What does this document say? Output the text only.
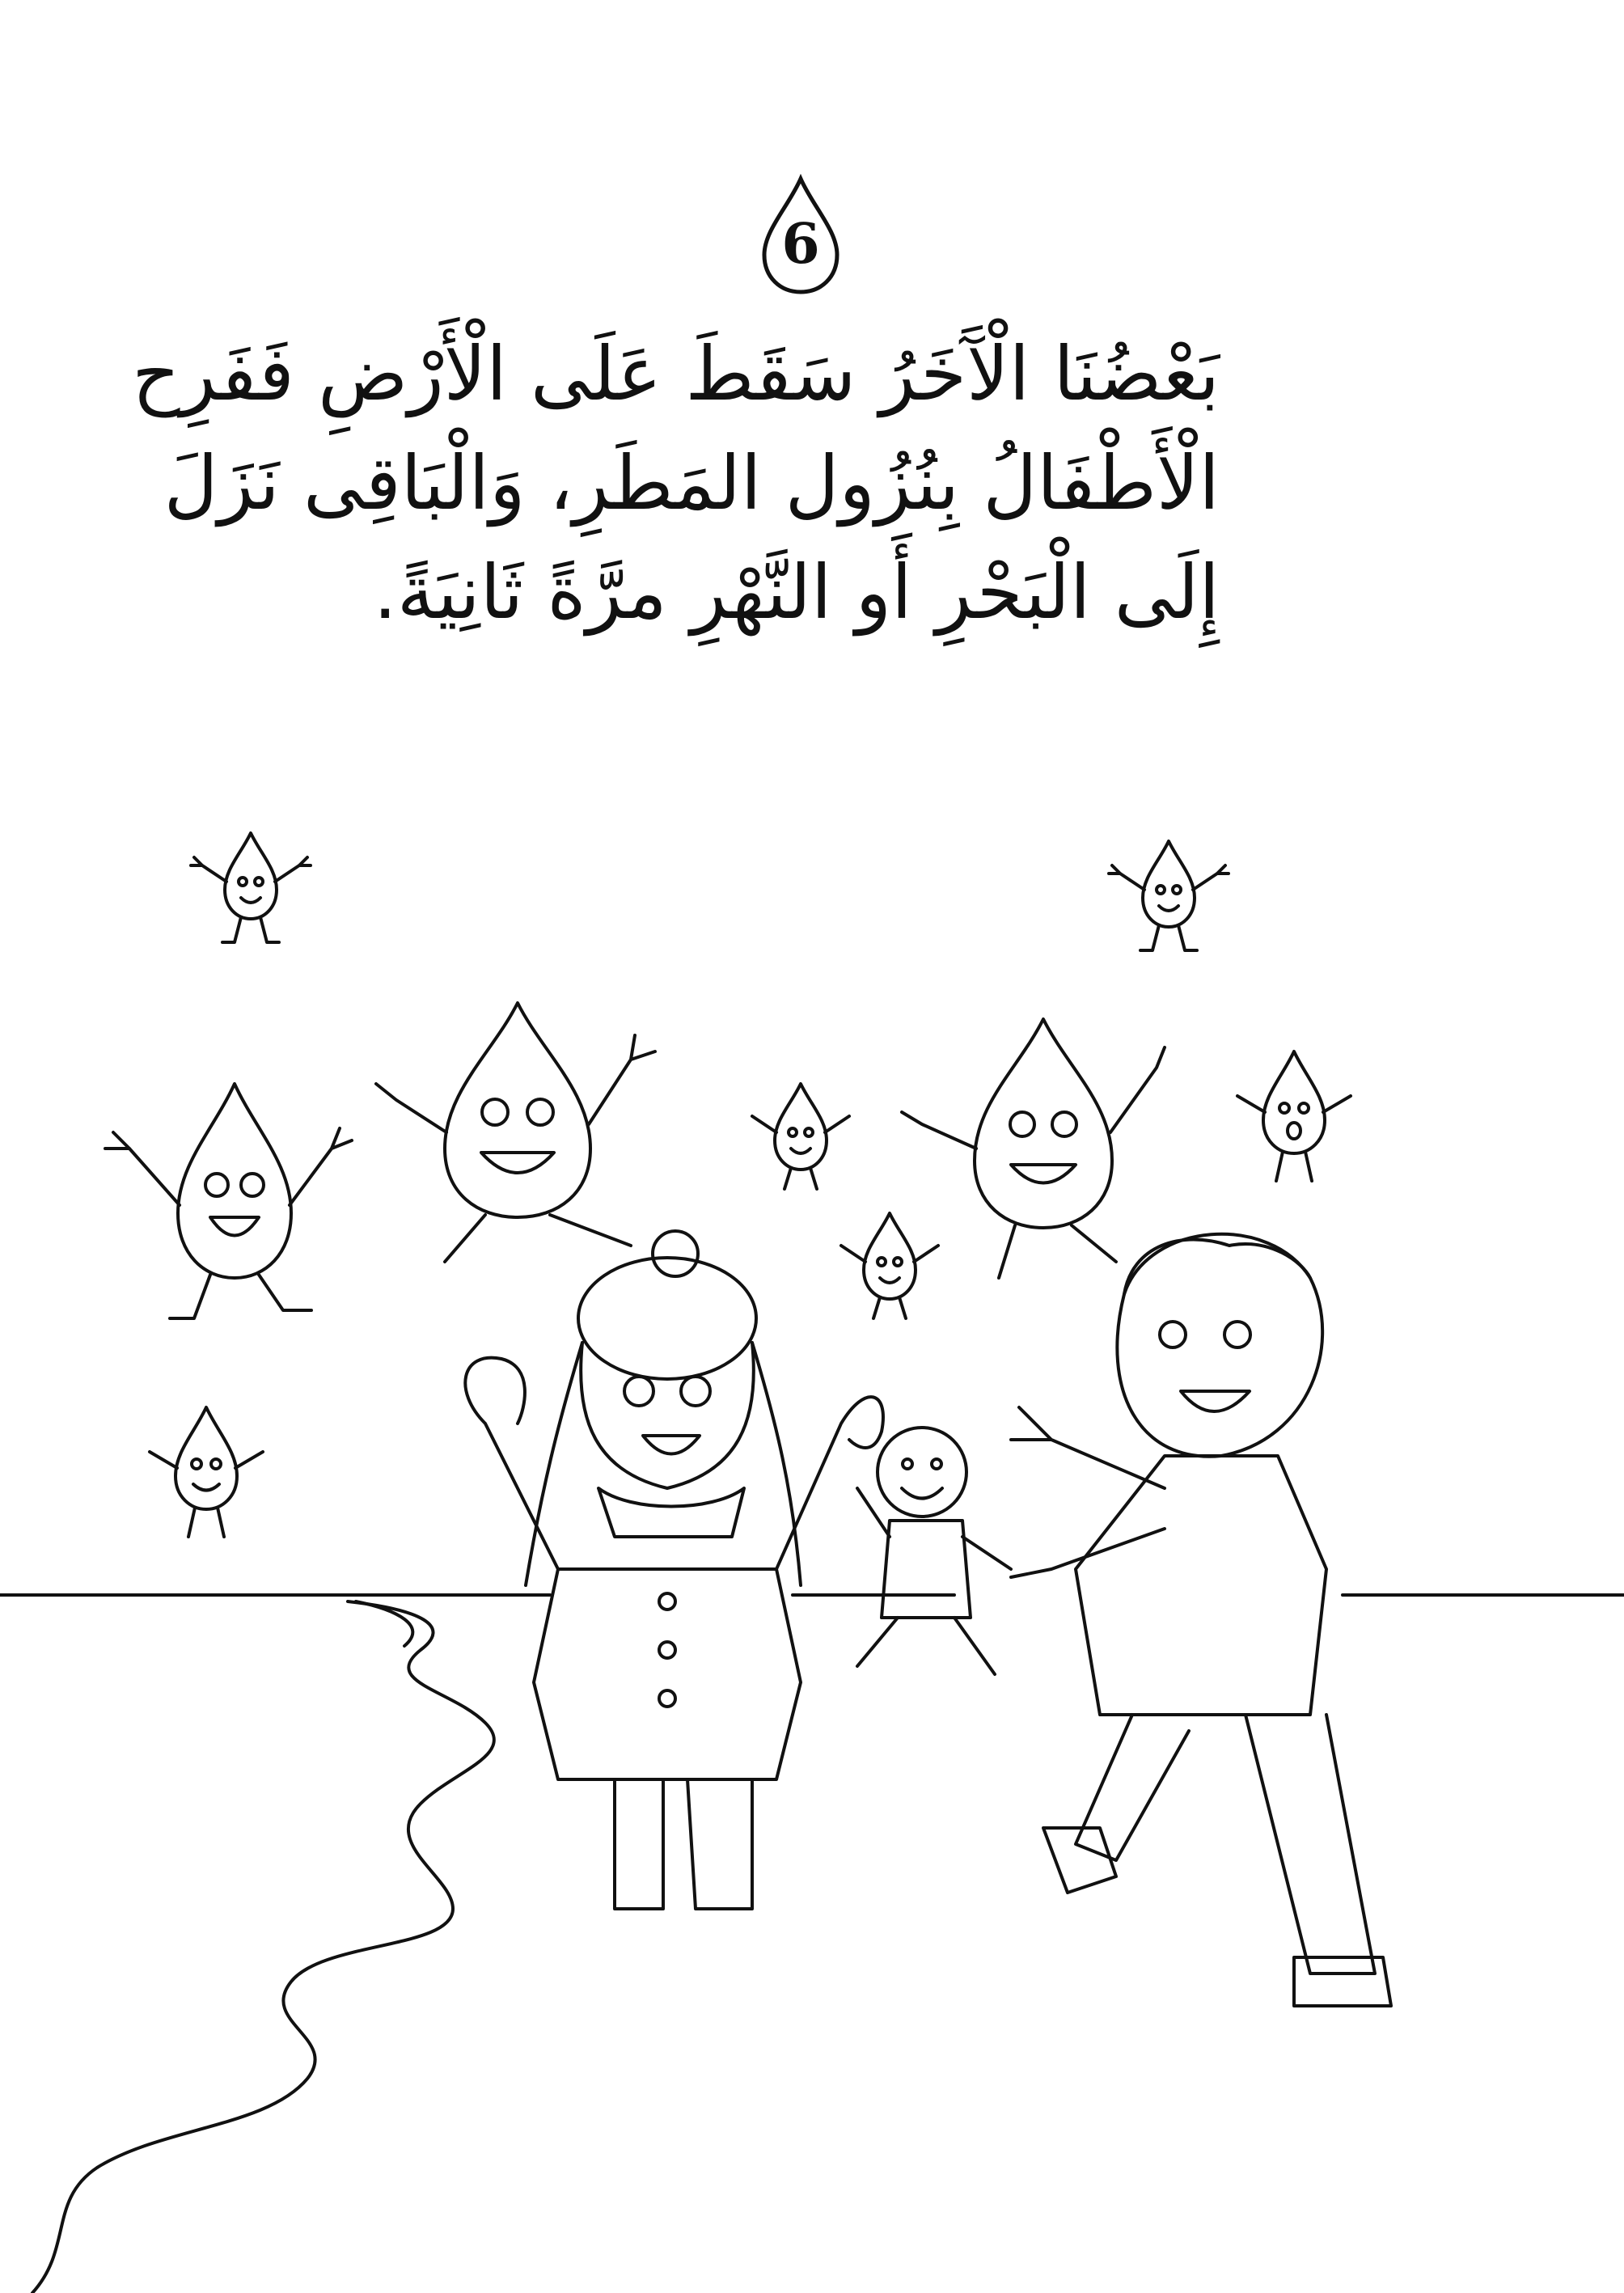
6

بَعْضُنَا الْآَخَرُ سَقَطَ عَلَى الْأَرْضِ فَفَرِح

الْأَطْفَالُ بِنُزُول المَطَرِ، وَالْبَاقِى نَزَلَ

إِلَى الْبَحْرِ أَو النَّهْرِ مرَّةً ثَانِيَةً.
